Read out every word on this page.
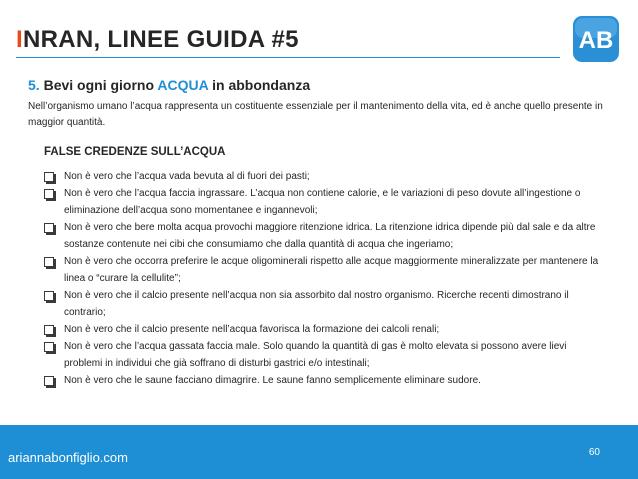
INRAN, LINEE GUIDA #5	AB
5. Bevi ogni giorno ACQUA in abbondanza
Nell’organismo umano l’acqua rappresenta un costituente essenziale per il mantenimento della vita, ed è anche quello presente in maggior quantità.
FALSE CREDENZE SULL’ACQUA
Non è vero che l’acqua vada bevuta al di fuori dei pasti;
Non è vero che l’acqua faccia ingrassare. L’acqua non contiene calorie, e le variazioni di peso dovute all’ingestione o eliminazione dell’acqua sono momentanee e ingannevoli;
Non è vero che bere molta acqua provochi maggiore ritenzione idrica. La ritenzione idrica dipende più dal sale e da altre sostanze contenute nei cibi che consumiamo che dalla quantità di acqua che ingeriamo;
Non è vero che occorra preferire le acque oligominerali rispetto alle acque maggiormente mineralizzate per mantenere la linea o “curare la cellulite”;
Non è vero che il calcio presente nell’acqua non sia assorbito dal nostro organismo. Ricerche recenti dimostrano il contrario;
Non è vero che il calcio presente nell’acqua favorisca la formazione dei calcoli renali;
Non è vero che l’acqua gassata faccia male. Solo quando la quantità di gas è molto elevata si possono avere lievi problemi in individui che già soffrano di disturbi gastrici e/o intestinali;
Non è vero che le saune facciano dimagrire. Le saune fanno semplicemente eliminare sudore.
ariannabonfiglio.com	60
